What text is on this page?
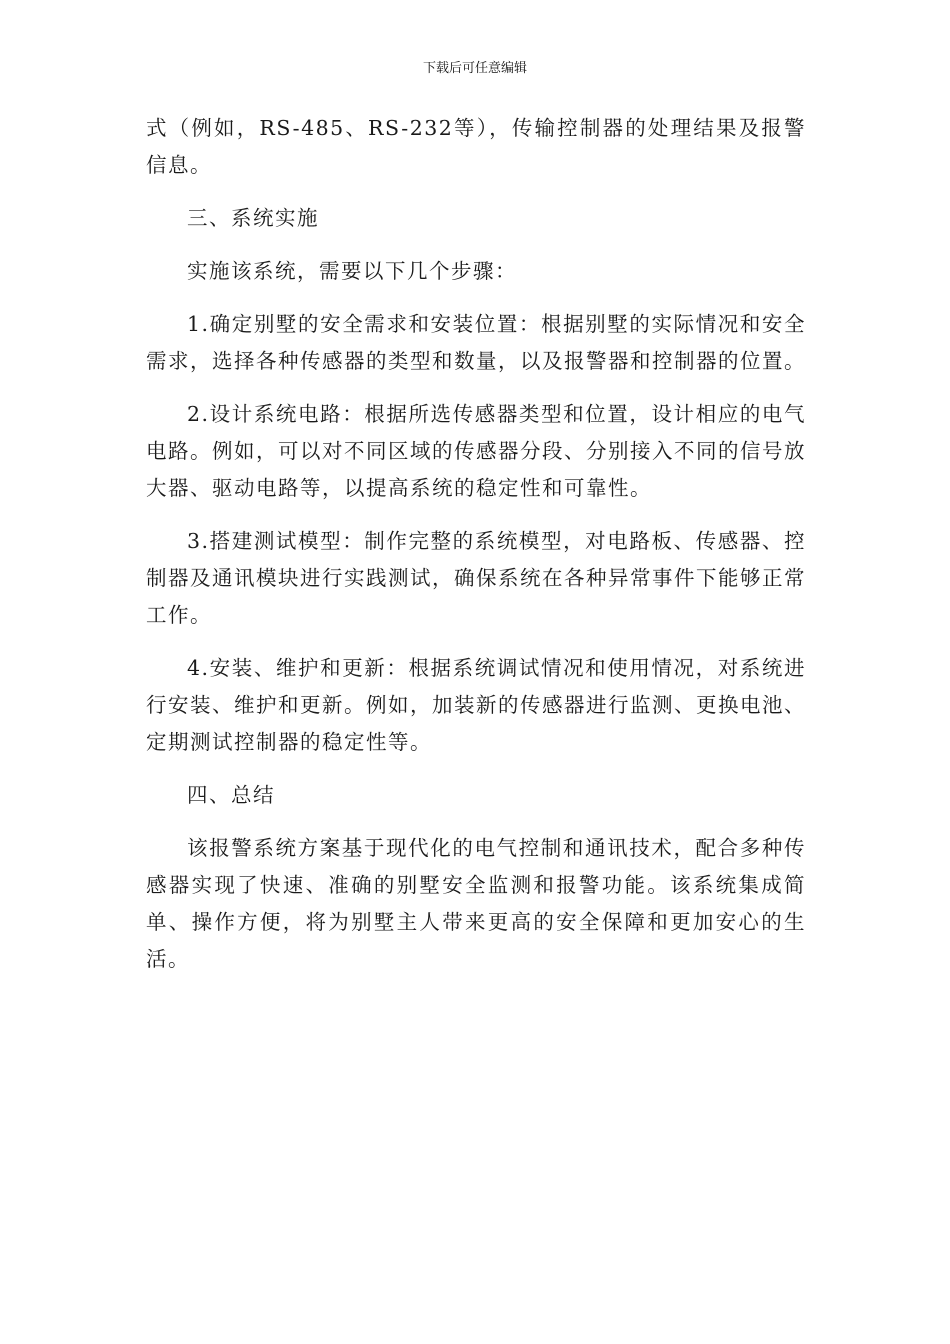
下载后可任意编辑

式（例如，RS-485、RS-232等），传输控制器的处理结果及报警信息。

三、系统实施

实施该系统，需要以下几个步骤：

1.确定别墅的安全需求和安装位置：根据别墅的实际情况和安全需求，选择各种传感器的类型和数量，以及报警器和控制器的位置。

2.设计系统电路：根据所选传感器类型和位置，设计相应的电气电路。例如，可以对不同区域的传感器分段、分别接入不同的信号放大器、驱动电路等，以提高系统的稳定性和可靠性。

3.搭建测试模型：制作完整的系统模型，对电路板、传感器、控制器及通讯模块进行实践测试，确保系统在各种异常事件下能够正常工作。

4.安装、维护和更新：根据系统调试情况和使用情况，对系统进行安装、维护和更新。例如，加装新的传感器进行监测、更换电池、定期测试控制器的稳定性等。

四、总结

该报警系统方案基于现代化的电气控制和通讯技术，配合多种传感器实现了快速、准确的别墅安全监测和报警功能。该系统集成简单、操作方便，将为别墅主人带来更高的安全保障和更加安心的生活。
